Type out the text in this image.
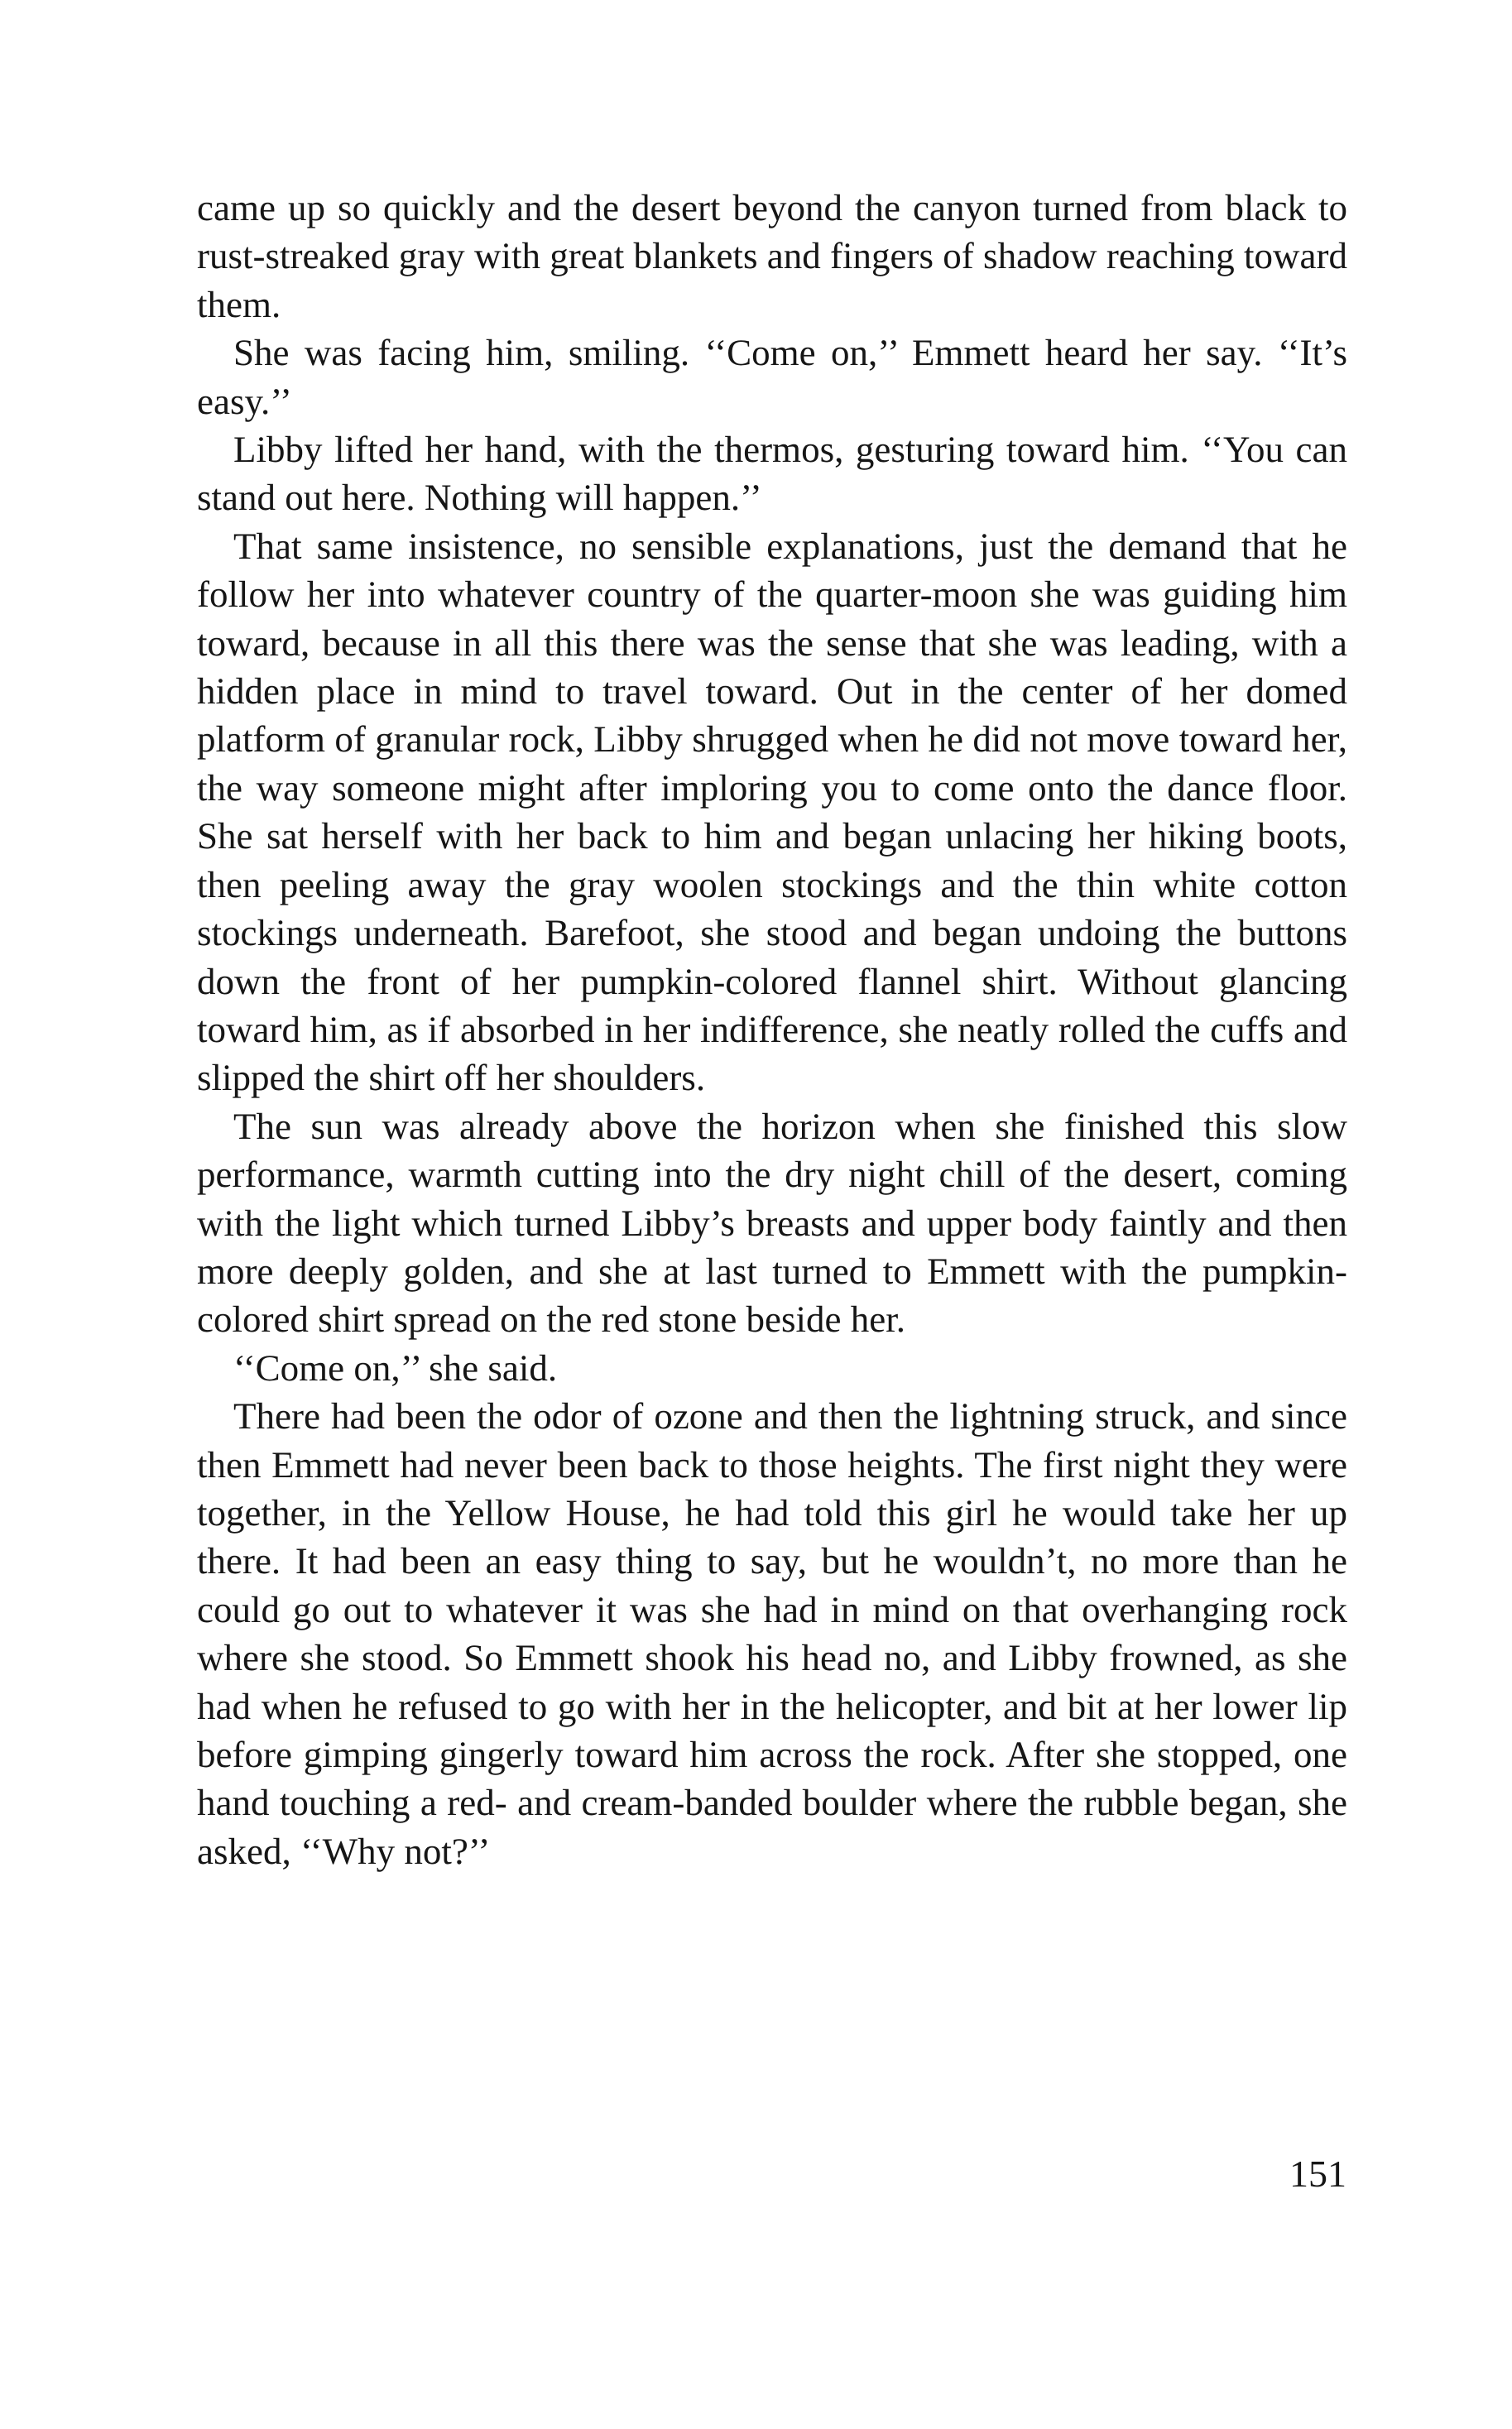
came up so quickly and the desert beyond the canyon turned from black to rust-streaked gray with great blankets and fingers of shadow reaching toward them.

She was facing him, smiling. ‘‘Come on,’’ Emmett heard her say. ‘‘It’s easy.’’

Libby lifted her hand, with the thermos, gesturing toward him. ‘‘You can stand out here. Nothing will happen.’’

That same insistence, no sensible explanations, just the demand that he follow her into whatever country of the quarter-moon she was guiding him toward, because in all this there was the sense that she was leading, with a hidden place in mind to travel toward. Out in the center of her domed platform of granular rock, Libby shrugged when he did not move toward her, the way someone might after imploring you to come onto the dance floor. She sat herself with her back to him and began unlacing her hiking boots, then peeling away the gray woolen stockings and the thin white cotton stockings underneath. Barefoot, she stood and began undoing the buttons down the front of her pumpkin-colored flannel shirt. Without glancing toward him, as if absorbed in her indifference, she neatly rolled the cuffs and slipped the shirt off her shoulders.

The sun was already above the horizon when she finished this slow performance, warmth cutting into the dry night chill of the desert, coming with the light which turned Libby’s breasts and upper body faintly and then more deeply golden, and she at last turned to Emmett with the pumpkin-colored shirt spread on the red stone beside her.

‘‘Come on,’’ she said.

There had been the odor of ozone and then the lightning struck, and since then Emmett had never been back to those heights. The first night they were together, in the Yellow House, he had told this girl he would take her up there. It had been an easy thing to say, but he wouldn’t, no more than he could go out to whatever it was she had in mind on that overhanging rock where she stood. So Emmett shook his head no, and Libby frowned, as she had when he refused to go with her in the helicopter, and bit at her lower lip before gimping gingerly toward him across the rock. After she stopped, one hand touching a red- and cream-banded boulder where the rubble began, she asked, ‘‘Why not?’’

151
